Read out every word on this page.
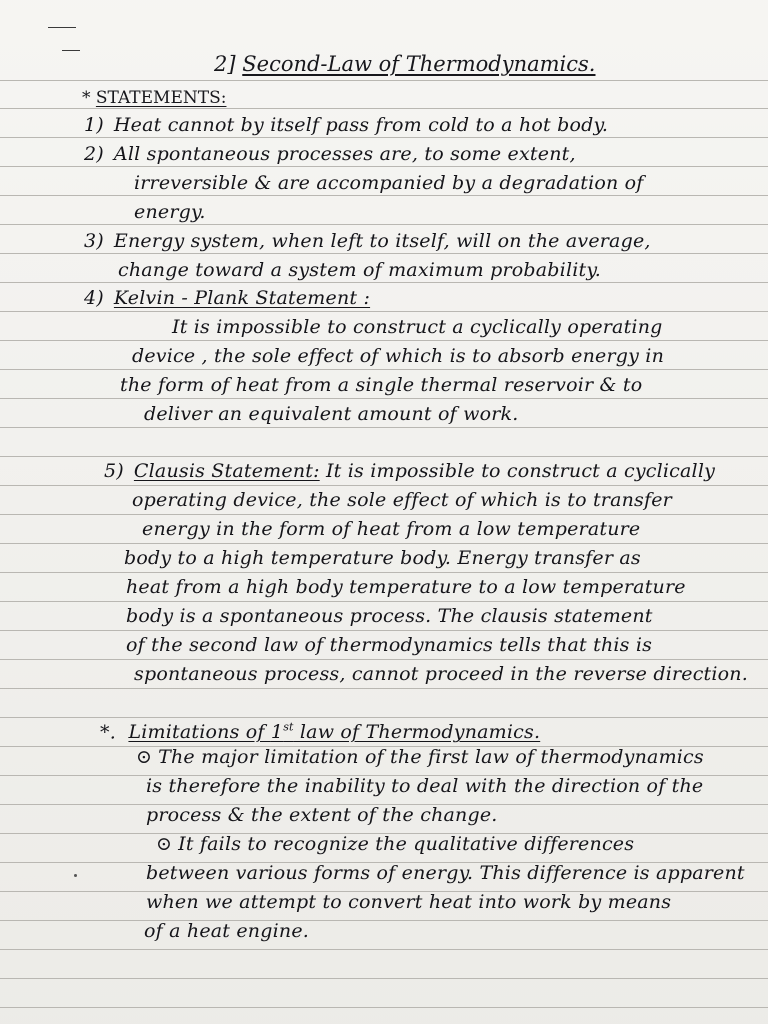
2] Second-Law of Thermodynamics.
* STATEMENTS:
1) Heat cannot by itself pass from cold to a hot body.
2) All spontaneous processes are, to some extent,
irreversible & are accompanied by a degradation of
energy.
3) Energy system, when left to itself, will on the average,
change toward a system of maximum probability.
4) Kelvin - Plank Statement :
It is impossible to construct a cyclically operating
device , the sole effect of which is to absorb energy in
the form of heat from a single thermal reservoir & to
deliver an equivalent amount of work.
5) Clausis Statement: It is impossible to construct a cyclically
operating device, the sole effect of which is to transfer
energy in the form of heat from a low temperature
body to a high temperature body. Energy transfer as
heat from a high body temperature to a low temperature
body is a spontaneous process. The clausis statement
of the second law of thermodynamics tells that this is
spontaneous process, cannot proceed in the reverse direction.
*. Limitations of 1st law of Thermodynamics.
⊙ The major limitation of the first law of thermodynamics
is therefore the inability to deal with the direction of the
process & the extent of the change.
⊙ It fails to recognize the qualitative differences
between various forms of energy. This difference is apparent
when we attempt to convert heat into work by means
of a heat engine.
